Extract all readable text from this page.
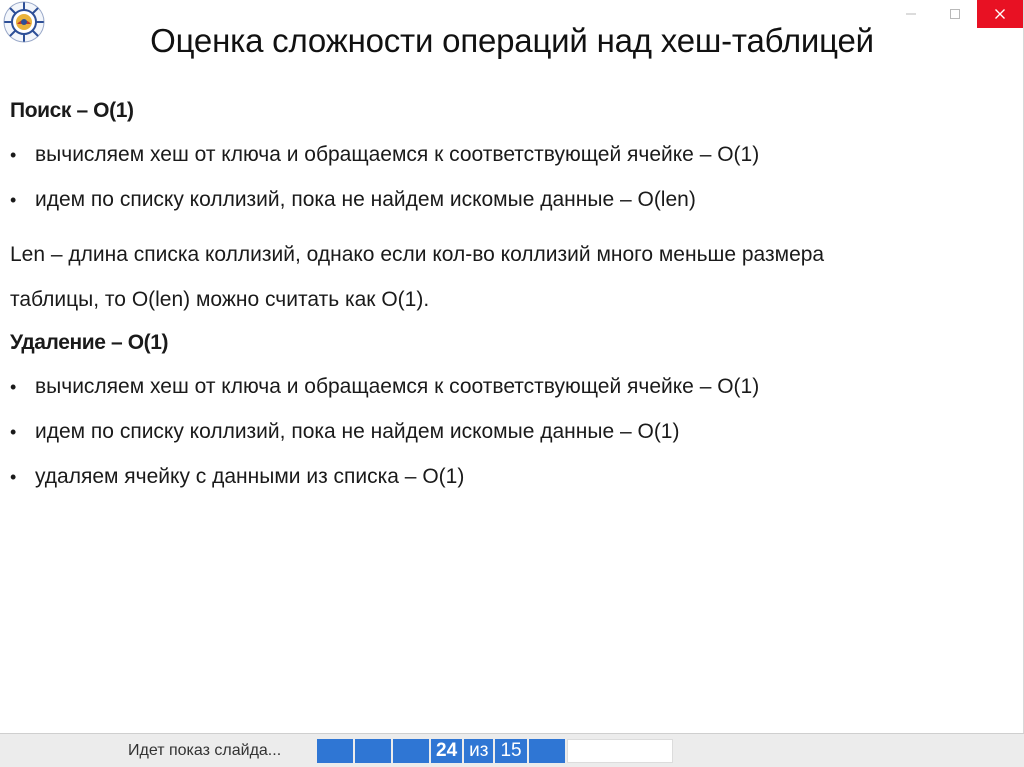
Оценка сложности операций над хеш-таблицей
Поиск – O(1)
• вычисляем хеш от ключа и обращаемся к соответствующей ячейке – O(1)
• идем по списку коллизий, пока не найдем искомые данные – O(len)
Len – длина списка коллизий, однако если кол-во коллизий много меньше размера
таблицы, то O(len) можно считать как O(1).
Удаление – O(1)
• вычисляем хеш от ключа и обращаемся к соответствующей ячейке – O(1)
• идем по списку коллизий, пока не найдем искомые данные – O(1)
• удаляем ячейку с данными из списка – O(1)
Идет показ слайда...	24 из 15
